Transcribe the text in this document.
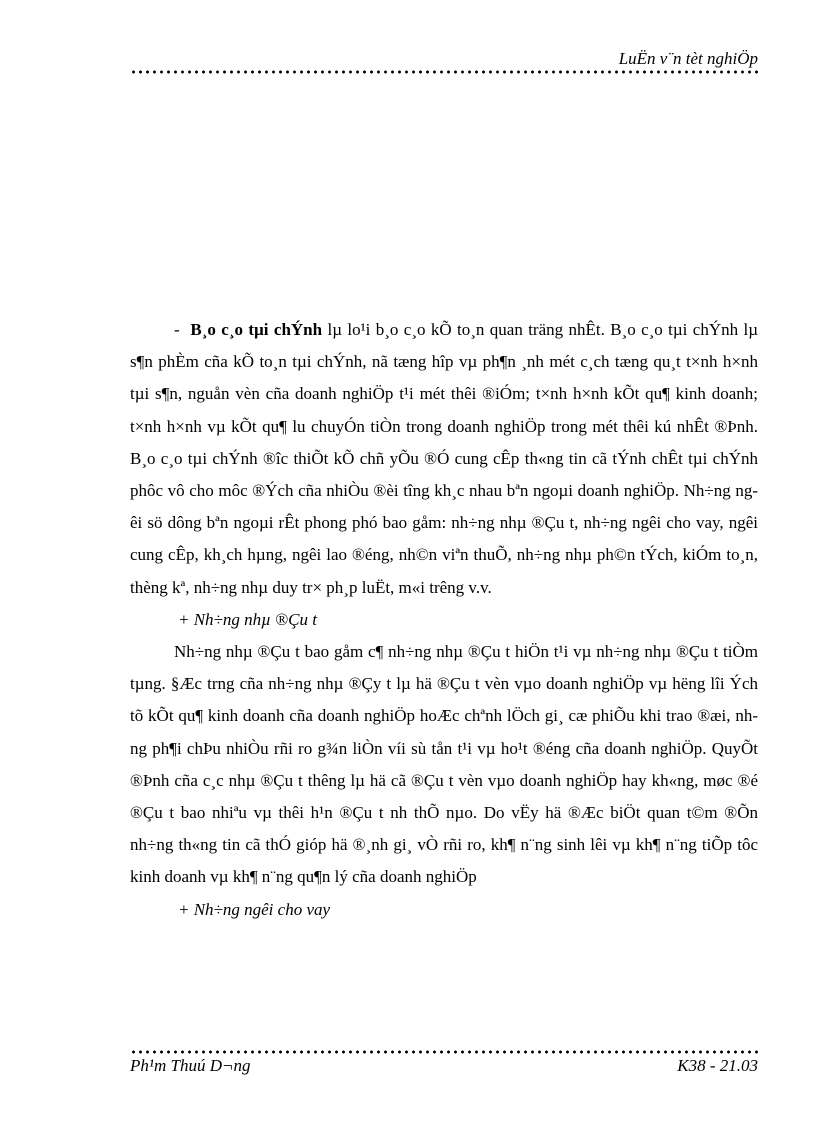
LuËn v¨n tèt nghiÖp

-  B¸o c¸o tµi chÝnh lµ lo¹i b¸o c¸o kÕ to¸n quan träng nhÊt. B¸o c¸o tµi chÝnh lµ s¶n phÈm cña kÕ to¸n tµi chÝnh, nã tæng hîp vµ ph¶n ¸nh mét c¸ch tæng qu¸t t×nh h×nh tµi s¶n, nguån vèn cña doanh nghiÖp t¹i mét thêi ®iÓm; t×nh h×nh kÕt qu¶ kinh doanh; t×nh h×nh vµ kÕt qu¶ lu chuyÓn tiÒn trong doanh nghiÖp trong mét thêi kú nhÊt ®Þnh. B¸o c¸o tµi chÝnh ®îc thiÕt kÕ chñ yÕu ®Ó cung cÊp th«ng tin cã tÝnh chÊt tµi chÝnh phôc vô cho môc ®Ých cña nhiÒu ®èi tîng kh¸c nhau bªn ngoµi doanh nghiÖp. Nh÷ng ngêi sö dông bªn ngoµi rÊt phong phó bao gåm: nh÷ng nhµ ®Çu t, nh÷ng ngêi cho vay, ngêi cung cÊp, kh¸ch hµng, ngêi lao ®éng, nh©n viªn thuÕ, nh÷ng nhµ ph©n tÝch, kiÓm to¸n, thèng kª, nh÷ng nhµ duy tr× ph¸p luËt, m«i trêng v.v.

+ Nh÷ng nhµ ®Çu t

Nh÷ng nhµ ®Çu t bao gåm c¶ nh÷ng nhµ ®Çu t hiÖn t¹i vµ nh÷ng nhµ ®Çu t tiÒm tµng. §Æc trng cña nh÷ng nhµ ®Çy t lµ hä ®Çu t vèn vµo doanh nghiÖp vµ hëng lîi Ých tõ kÕt qu¶ kinh doanh cña doanh nghiÖp hoÆc chªnh lÖch gi¸ cæ phiÕu khi trao ®æi, nhng ph¶i chÞu nhiÒu rñi ro g¾n liÒn víi sù tån t¹i vµ ho¹t ®éng cña doanh nghiÖp. QuyÕt ®Þnh cña c¸c nhµ ®Çu t thêng lµ hä cã ®Çu t vèn vµo doanh nghiÖp hay kh«ng, møc ®é ®Çu t bao nhiªu vµ thêi h¹n ®Çu t nh thÕ nµo. Do vËy hä ®Æc biÖt quan t©m ®Õn nh÷ng th«ng tin cã thÓ gióp hä ®¸nh gi¸ vÒ rñi ro, kh¶ n¨ng sinh lêi vµ kh¶ n¨ng tiÕp tôc kinh doanh vµ kh¶ n¨ng qu¶n lý cña doanh nghiÖp

+ Nh÷ng ngêi cho vay

Ph¹m Thuú D¬ng	K38 - 21.03
